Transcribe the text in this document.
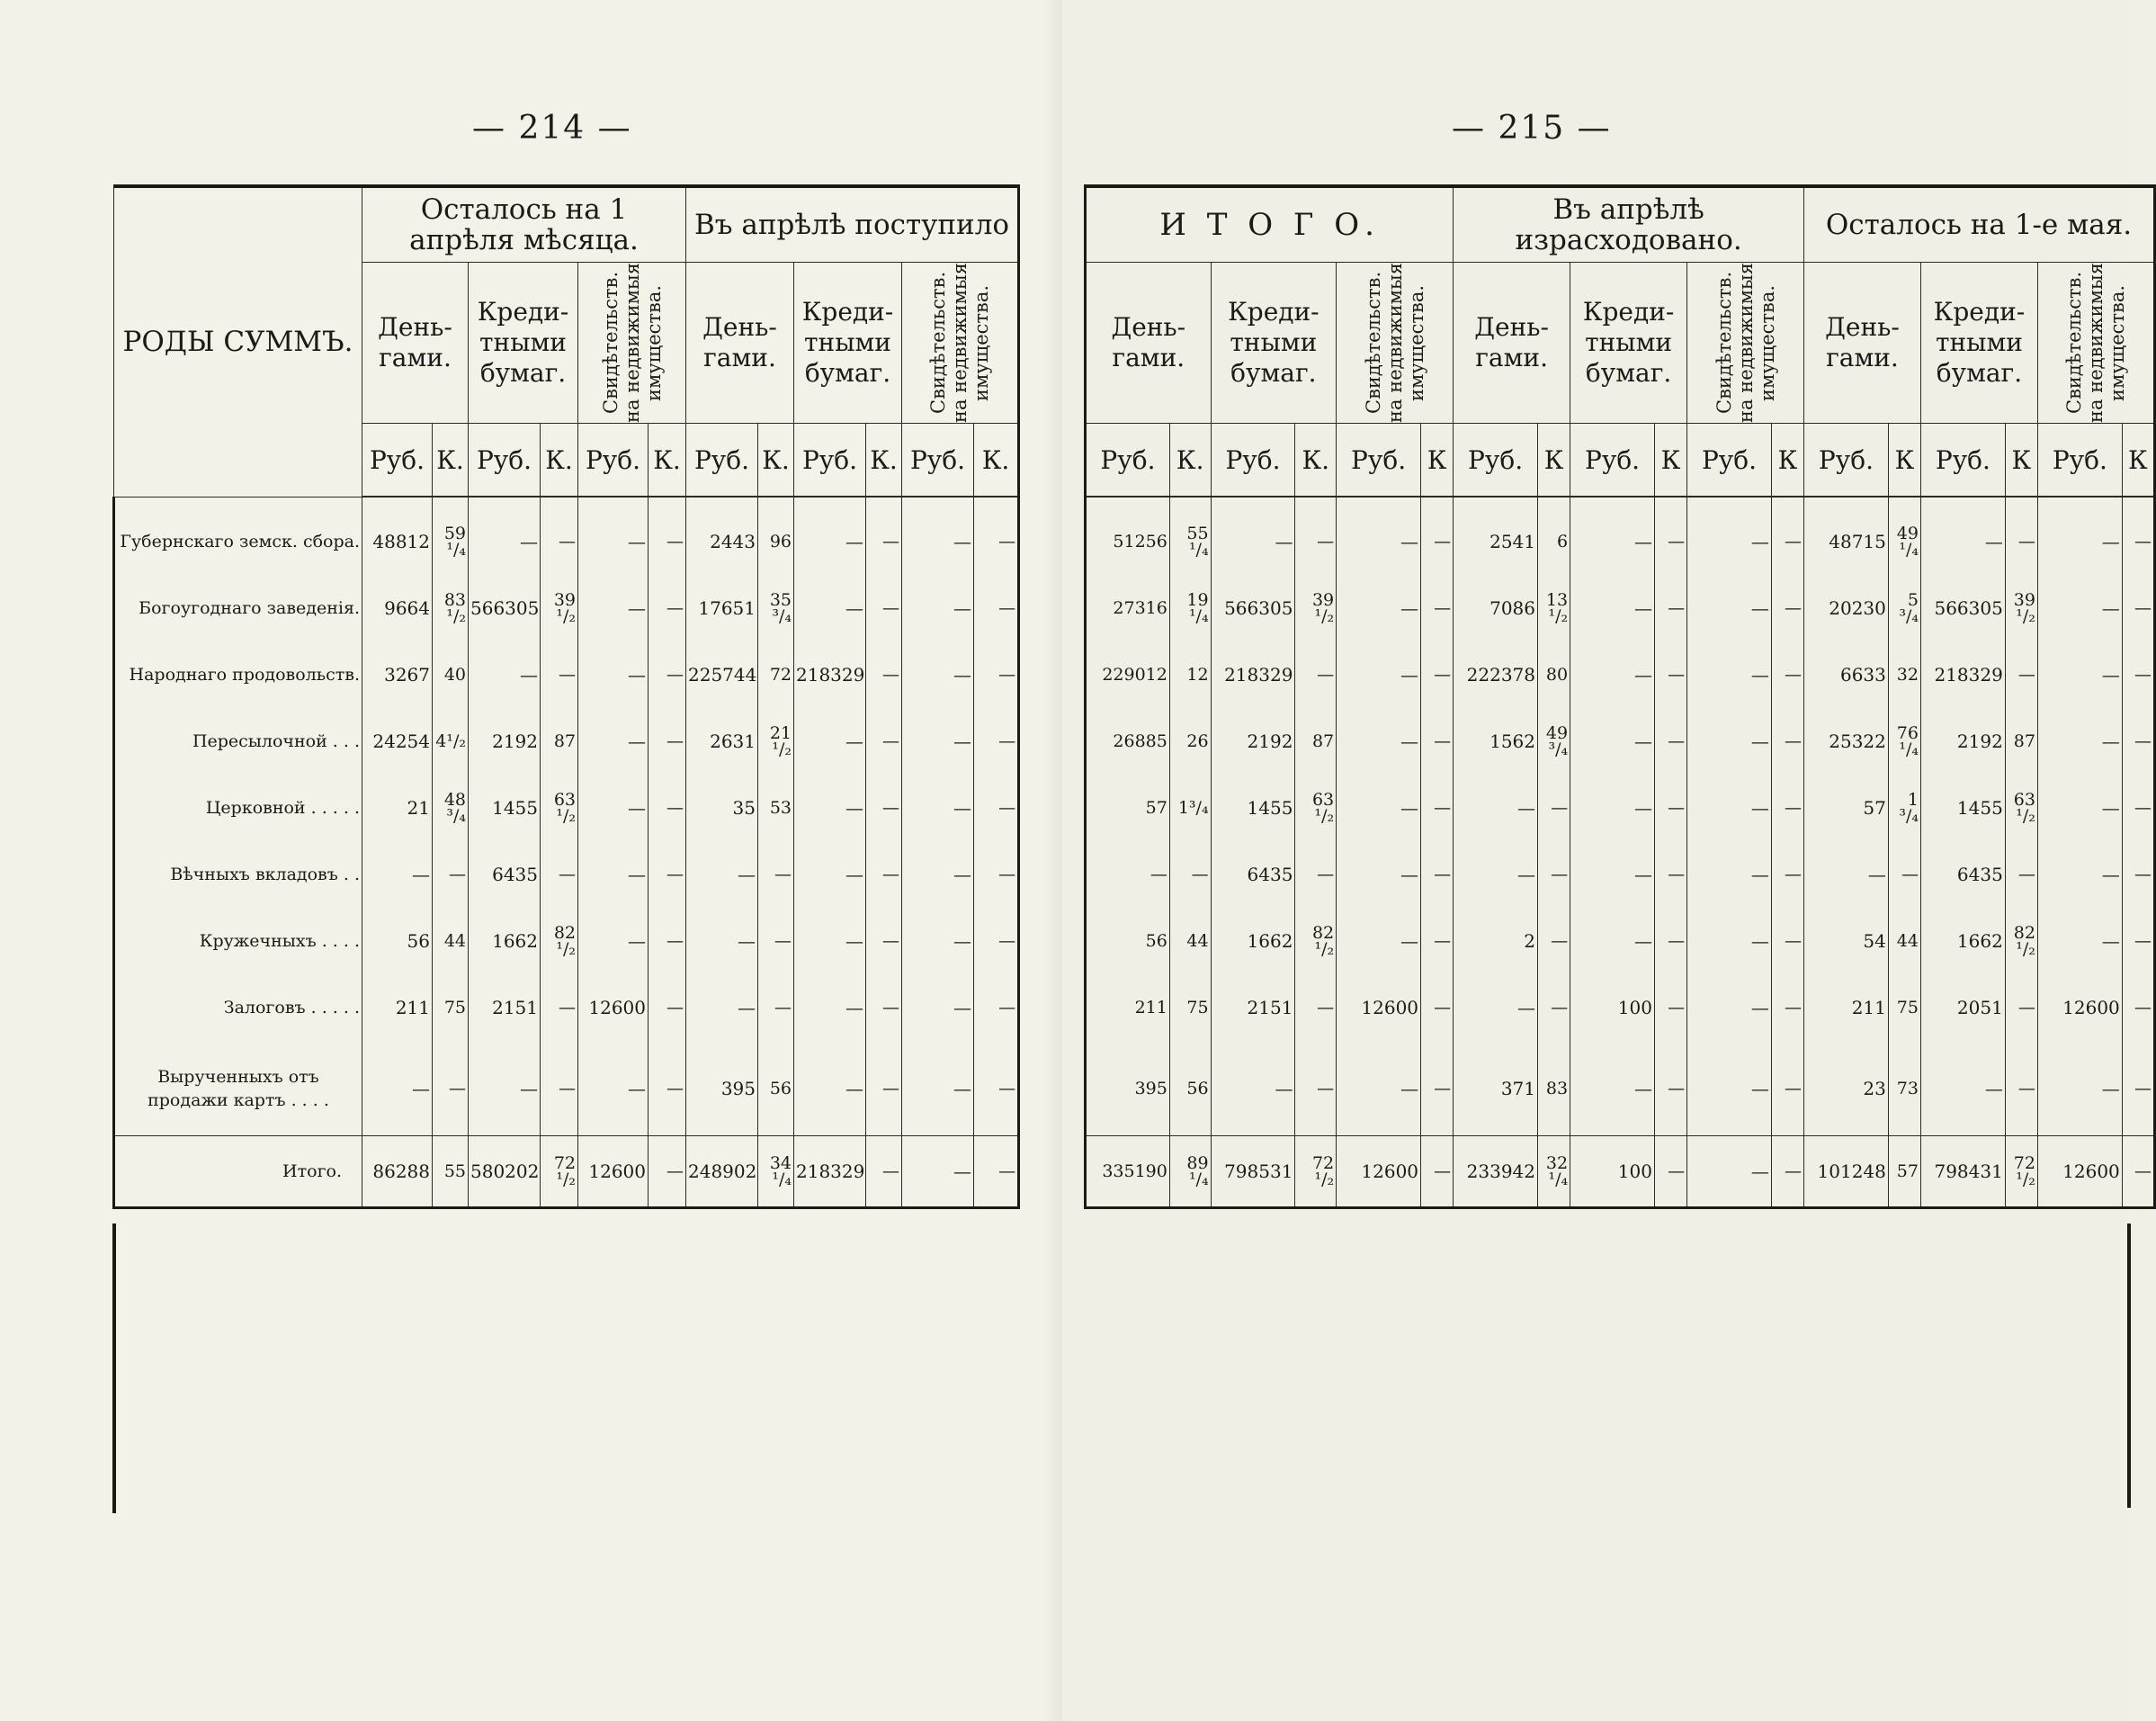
— 214 —
РОДЫ СУММЪ.	Осталось на 1 апрѣля мѣсяца.						Въ апрѣлѣ поступило					
	День- гами.		Креди- тными бумаг.		Свидѣтельств. на недвижимыя имущества.		День- гами.		Креди- тными бумаг.		Свидѣтельств. на недвижимыя имущества.	

	Руб.	К.	Руб.	К.	Руб.	К.	Руб.	К.	Руб.	К.	Руб.	К.

Губернскаго земск. сбора.	48812	59 ¹/₄	—	—	—	—	2443	96	—	—	—	—
Богоугоднаго заведенія.	9664	83 ¹/₂	566305	39 ¹/₂	—	—	17651	35 ³/₄	—	—	—	—
Народнаго продовольств.	3267	40	—	—	—	—	225744	72	218329	—	—	—
Пересылочной . . .	24254	4¹/₂	2192	87	—	—	2631	21 ¹/₂	—	—	—	—
Церковной . . . . .	21	48 ³/₄	1455	63 ¹/₂	—	—	35	53	—	—	—	—
Вѣчныхъ вкладовъ . .	—	—	6435	—	—	—	—	—	—	—	—	—
Кружечныхъ . . . .	56	44	1662	82 ¹/₂	—	—	—	—	—	—	—	—
Залоговъ . . . . .	211	75	2151	—	12600	—	—	—	—	—	—	—
Вырученныхъ отъ продажи картъ . . . .	—	—	—	—	—	—	395	56	—	—	—	—
Итого.	86288	55	580202	72 ¹/₂	12600	—	248902	34 ¹/₄	218329	—	—	—
— 215 —
И Т О Г О.						Въ апрѣлѣ израсходовано.						Осталось на 1-е мая.					
День- гами.		Креди- тными бумаг.		Свидѣтельств. на недвижимыя имущества.		День- гами.		Креди- тными бумаг.		Свидѣтельств. на недвижимыя имущества.		День- гами.		Креди- тными бумаг.		Свидѣтельств. на недвижимыя имущества.	

Руб.	К.	Руб.	К.	Руб.	К	Руб.	К	Руб.	К	Руб.	К	Руб.	К	Руб.	К	Руб.	К

51256	55 ¹/₄	—	—	—	—	2541	6	—	—	—	—	48715	49 ¹/₄	—	—	—	—
27316	19 ¹/₄	566305	39 ¹/₂	—	—	7086	13 ¹/₂	—	—	—	—	20230	5 ³/₄	566305	39 ¹/₂	—	—
229012	12	218329	—	—	—	222378	80	—	—	—	—	6633	32	218329	—	—	—
26885	26	2192	87	—	—	1562	49 ³/₄	—	—	—	—	25322	76 ¹/₄	2192	87	—	—
57	1³/₄	1455	63 ¹/₂	—	—	—	—	—	—	—	—	57	1 ³/₄	1455	63 ¹/₂	—	—
—	—	6435	—	—	—	—	—	—	—	—	—	—	—	6435	—	—	—
56	44	1662	82 ¹/₂	—	—	2	—	—	—	—	—	54	44	1662	82 ¹/₂	—	—
211	75	2151	—	12600	—	—	—	100	—	—	—	211	75	2051	—	12600	—
395	56	—	—	—	—	371	83	—	—	—	—	23	73	—	—	—	—
335190	89 ¹/₄	798531	72 ¹/₂	12600	—	233942	32 ¹/₄	100	—	—	—	101248	57	798431	72 ¹/₂	12600	—
